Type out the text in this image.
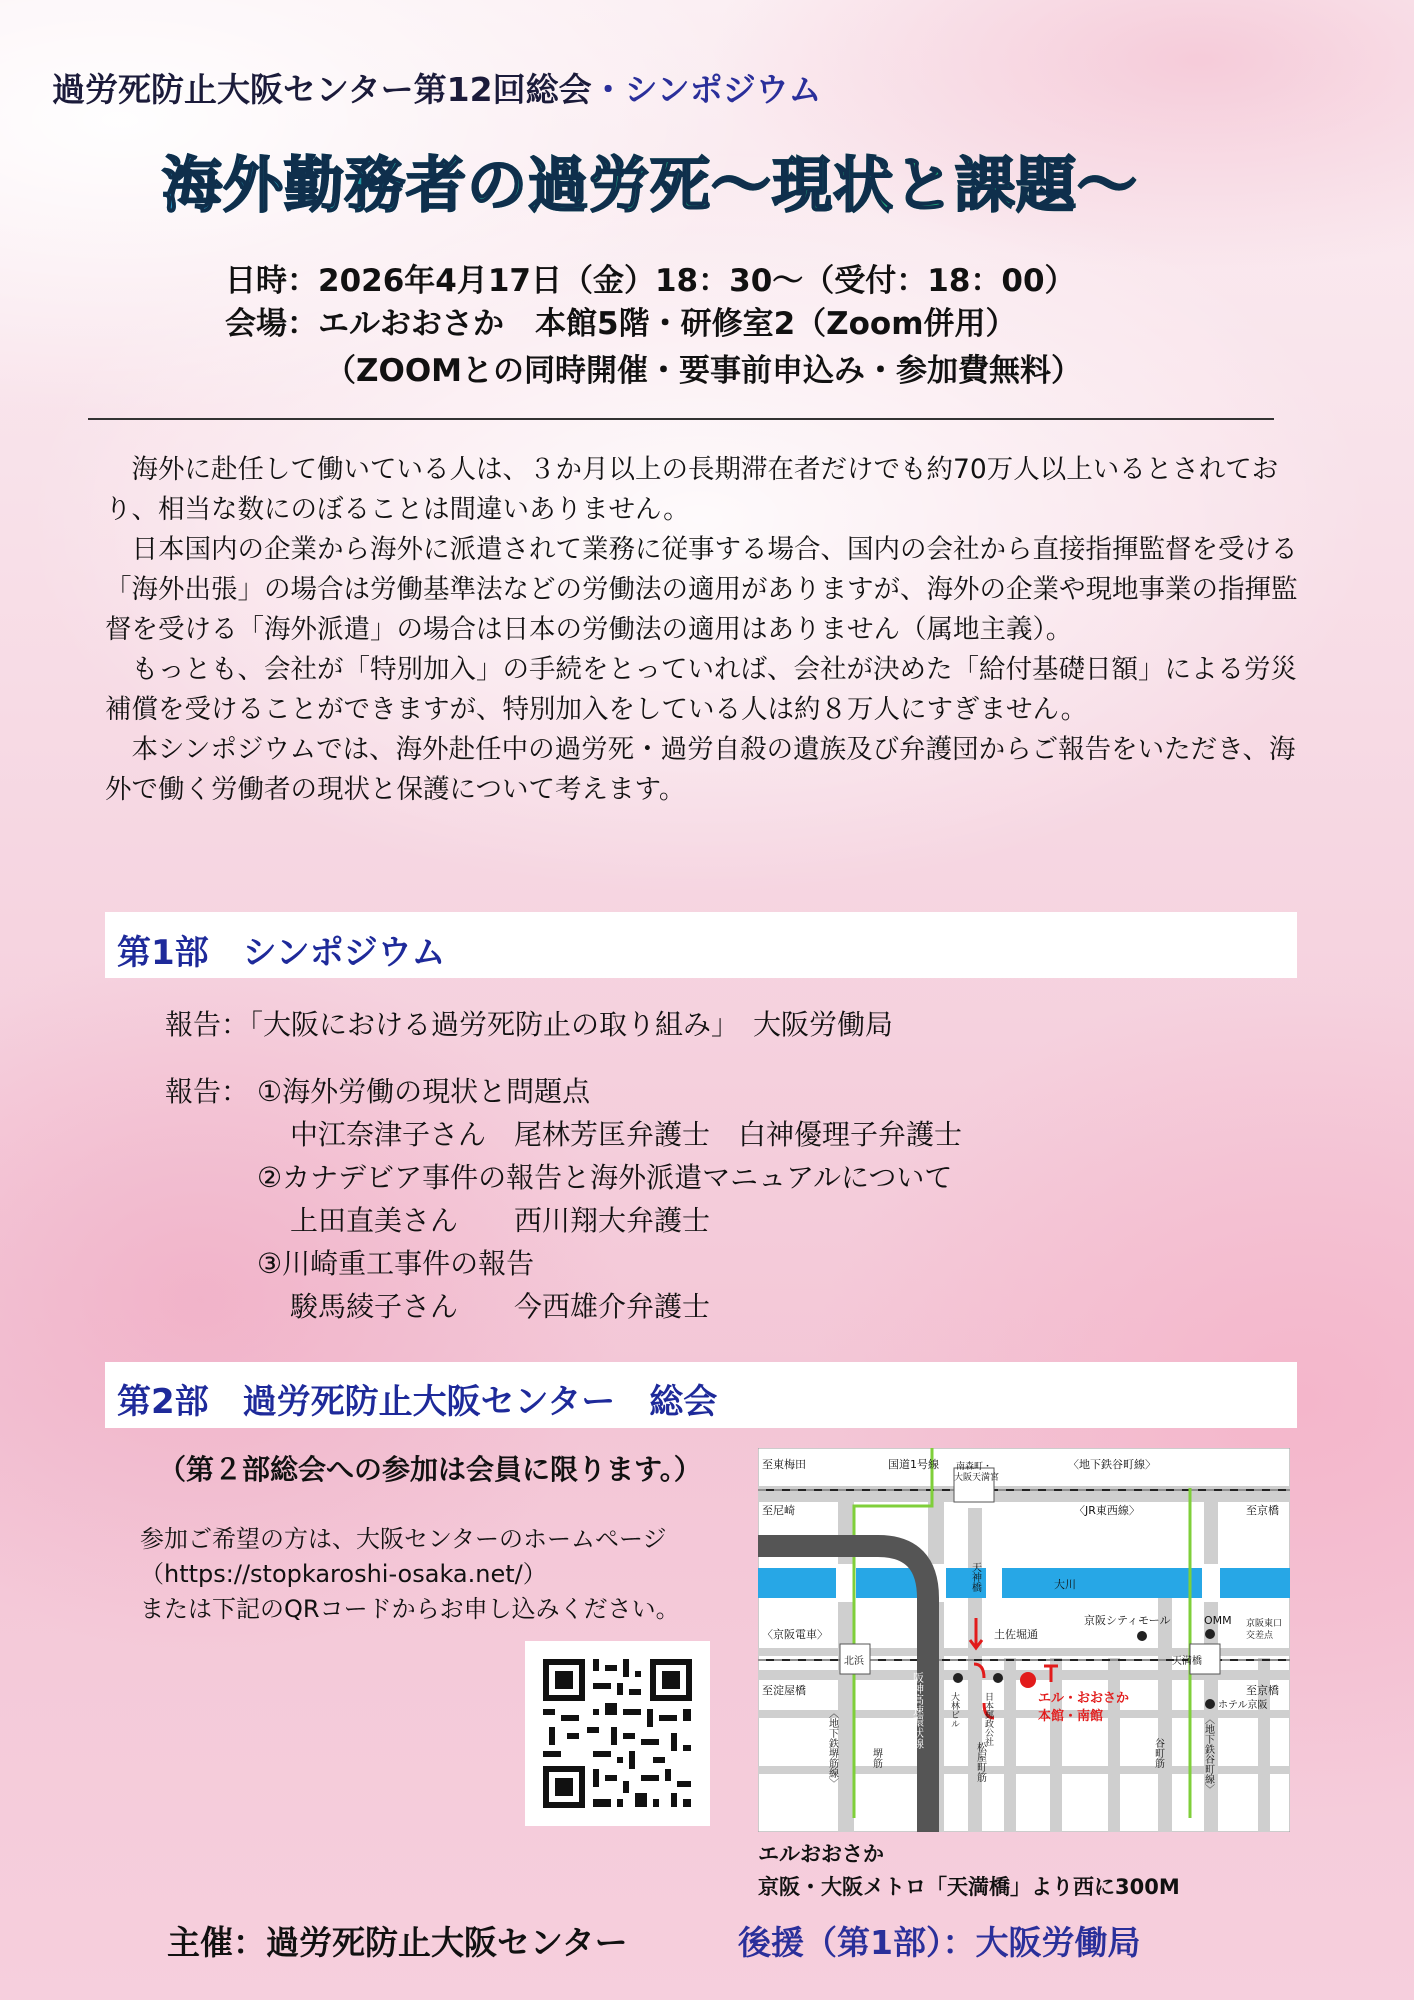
過労死防止大阪センター第12回総会・シンポジウム
海外勤務者の過労死～現状と課題～
日時：2026年4月17日（金）18：30～（受付：18：00）
会場：エルおおさか　本館5階・研修室2（Zoom併用）
（ZOOMとの同時開催・要事前申込み・参加費無料）

海外に赴任して働いている人は、３か月以上の長期滞在者だけでも約70万人以上いるとされており、相当な数にのぼることは間違いありません。

日本国内の企業から海外に派遣されて業務に従事する場合、国内の会社から直接指揮監督を受ける「海外出張」の場合は労働基準法などの労働法の適用がありますが、海外の企業や現地事業の指揮監督を受ける「海外派遣」の場合は日本の労働法の適用はありません（属地主義）。

もっとも、会社が「特別加入」の手続をとっていれば、会社が決めた「給付基礎日額」による労災補償を受けることができますが、特別加入をしている人は約８万人にすぎません。

本シンポジウムでは、海外赴任中の過労死・過労自殺の遺族及び弁護団からご報告をいただき、海外で働く労働者の現状と保護について考えます。

第1部　シンポジウム
報告：「大阪における過労死防止の取り組み」　大阪労働局
報告： ①海外労働の現状と問題点
中江奈津子さん　尾林芳匡弁護士　白神優理子弁護士
②カナデビア事件の報告と海外派遣マニュアルについて
上田直美さん　　西川翔大弁護士
③川崎重工事件の報告
駿馬綾子さん　　今西雄介弁護士
第2部　過労死防止大阪センター　総会
（第２部総会への参加は会員に限ります。）
参加ご希望の方は、大阪センターのホームページ
（https://stopkaroshi-osaka.net/）
または下記のQRコードからお申し込みください。
至東梅田	国道1号線 南森町・
大阪天満宮
〈地下鉄谷町線〉
至尼崎	〈JR東西線〉	至京橋
天神橋	大川
〈京阪電車〉	土佐堀通
京阪シティモール	OMM 京阪東口
交差点
北浜	天満橋
至京橋
至淀屋橋	阪神高速環状線	大林ビル	日本郵政公社	エル・おおさか
本館・南館
ホテル京阪
〈地下鉄堺筋線〉	堺筋	松屋町筋	谷町筋	〈地下鉄谷町線〉
エルおおさか
京阪・大阪メトロ「天満橋」より西に300M
主催：過労死防止大阪センター	後援（第1部）：大阪労働局
